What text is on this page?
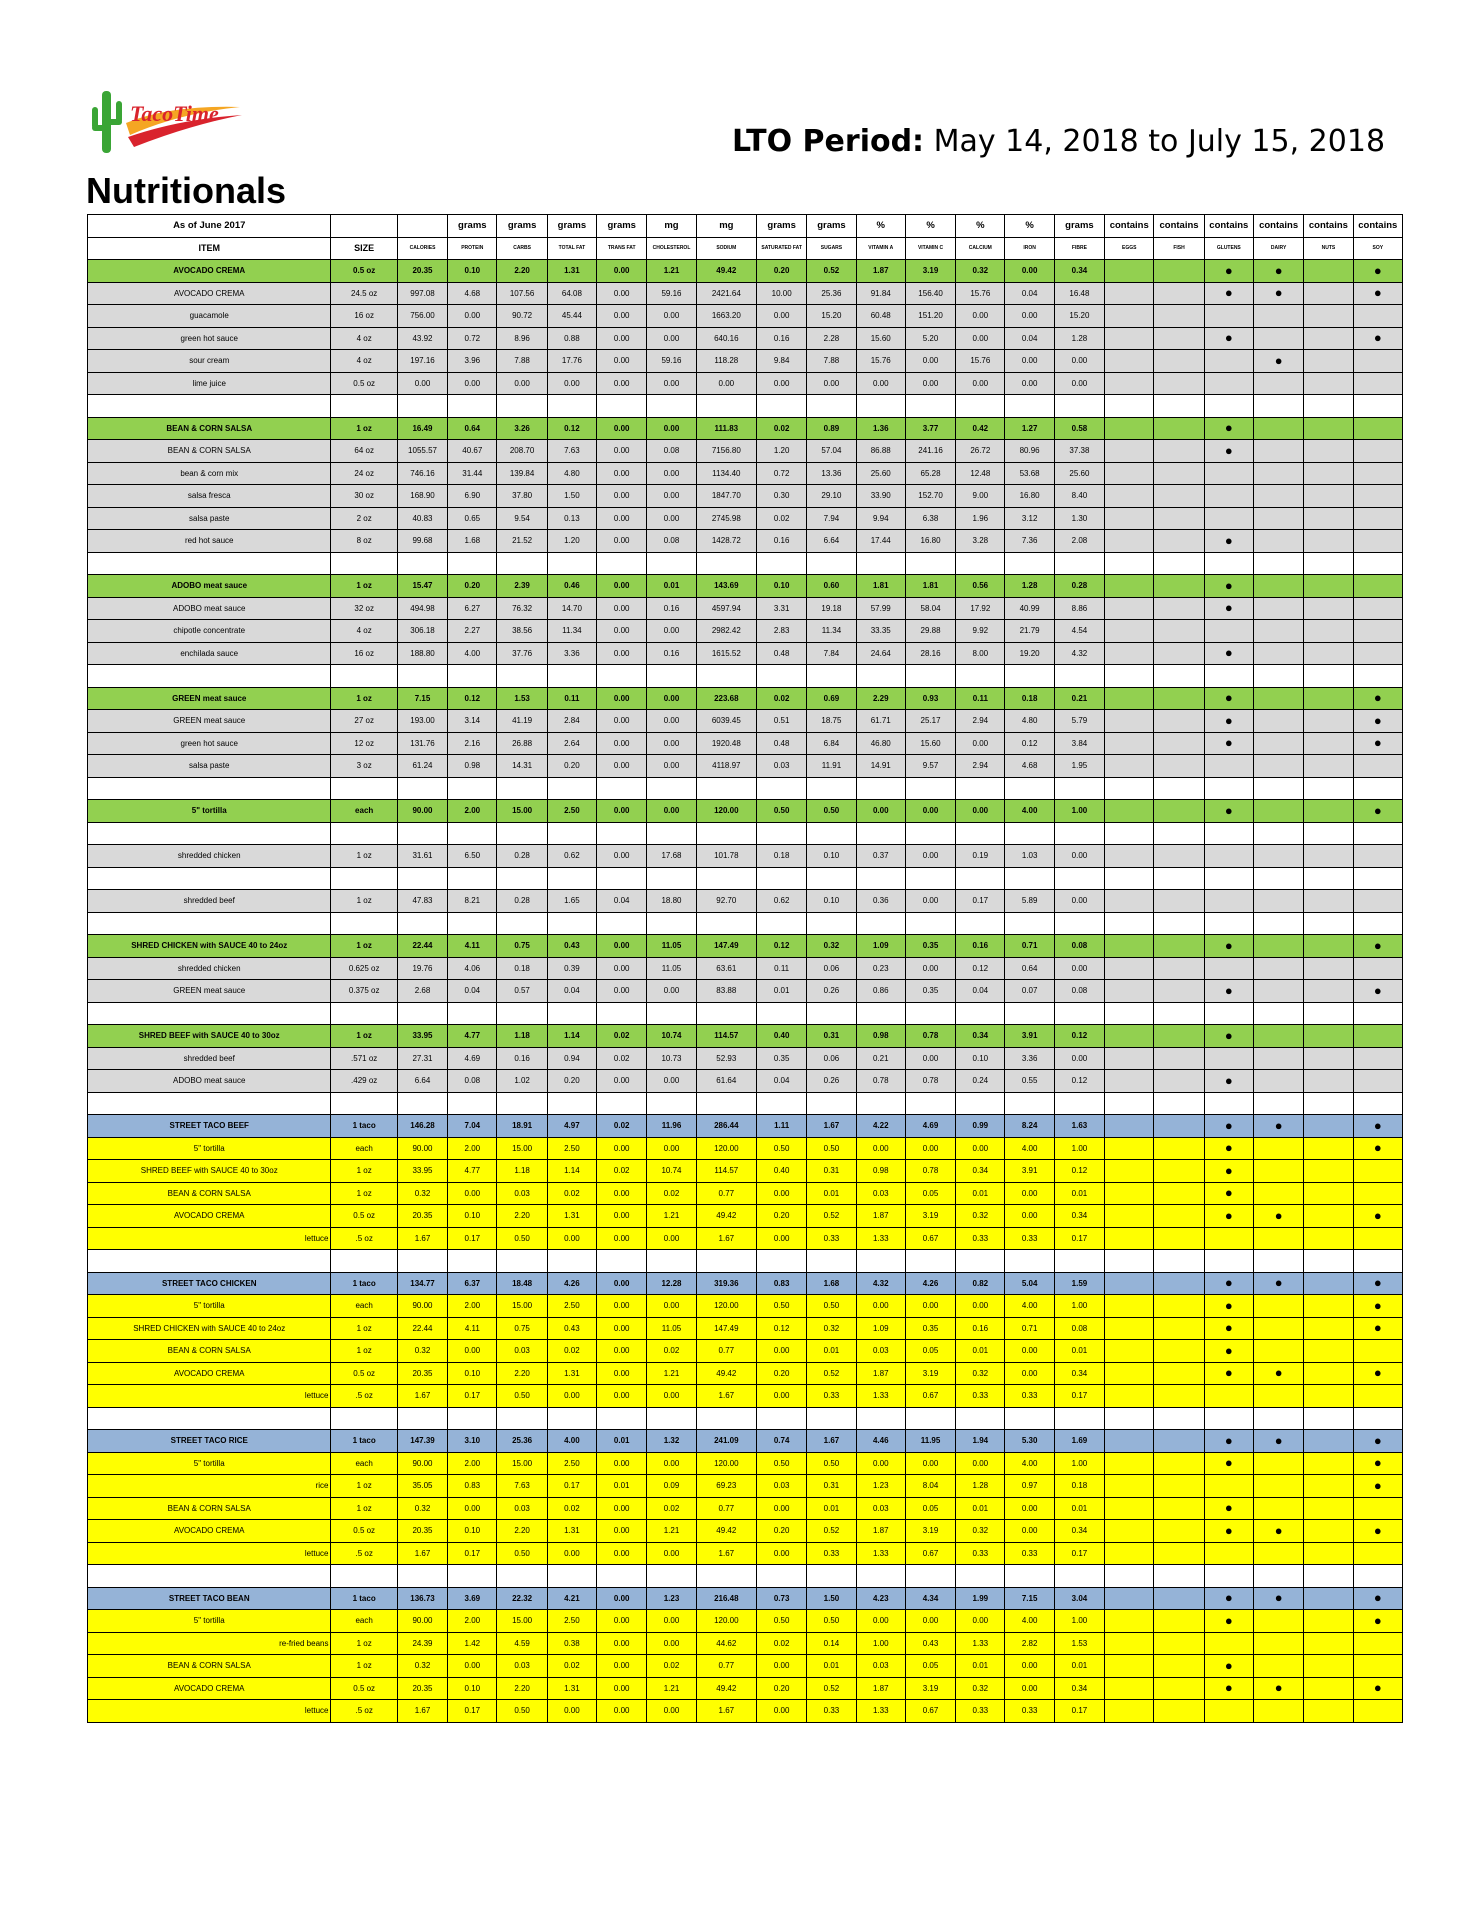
TacoTime
LTO Period: May 14, 2018 to July 15, 2018
Nutritionals
As of June 2017			grams	grams	grams	grams	mg	mg	grams	grams	%	%	%	%	grams	contains	contains	contains	contains	contains	contains
ITEM	SIZE	CALORIES	PROTEIN	CARBS	TOTAL FAT	TRANS FAT	CHOLESTEROL	SODIUM	SATURATED FAT	SUGARS	VITAMIN A	VITAMIN C	CALCIUM	IRON	FIBRE	EGGS	FISH	GLUTENS	DAIRY	NUTS	SOY
AVOCADO CREMA	0.5 oz	20.35	0.10	2.20	1.31	0.00	1.21	49.42	0.20	0.52	1.87	3.19	0.32	0.00	0.34			●	●		●
AVOCADO CREMA	24.5 oz	997.08	4.68	107.56	64.08	0.00	59.16	2421.64	10.00	25.36	91.84	156.40	15.76	0.04	16.48			●	●		●
guacamole	16 oz	756.00	0.00	90.72	45.44	0.00	0.00	1663.20	0.00	15.20	60.48	151.20	0.00	0.00	15.20						
green hot sauce	4 oz	43.92	0.72	8.96	0.88	0.00	0.00	640.16	0.16	2.28	15.60	5.20	0.00	0.04	1.28			●			●
sour cream	4 oz	197.16	3.96	7.88	17.76	0.00	59.16	118.28	9.84	7.88	15.76	0.00	15.76	0.00	0.00				●		
lime juice	0.5 oz	0.00	0.00	0.00	0.00	0.00	0.00	0.00	0.00	0.00	0.00	0.00	0.00	0.00	0.00						

BEAN & CORN SALSA	1 oz	16.49	0.64	3.26	0.12	0.00	0.00	111.83	0.02	0.89	1.36	3.77	0.42	1.27	0.58			●			
BEAN & CORN SALSA	64 oz	1055.57	40.67	208.70	7.63	0.00	0.08	7156.80	1.20	57.04	86.88	241.16	26.72	80.96	37.38			●			
bean & corn mix	24 oz	746.16	31.44	139.84	4.80	0.00	0.00	1134.40	0.72	13.36	25.60	65.28	12.48	53.68	25.60						
salsa fresca	30 oz	168.90	6.90	37.80	1.50	0.00	0.00	1847.70	0.30	29.10	33.90	152.70	9.00	16.80	8.40						
salsa paste	2 oz	40.83	0.65	9.54	0.13	0.00	0.00	2745.98	0.02	7.94	9.94	6.38	1.96	3.12	1.30						
red hot sauce	8 oz	99.68	1.68	21.52	1.20	0.00	0.08	1428.72	0.16	6.64	17.44	16.80	3.28	7.36	2.08			●			

ADOBO meat sauce	1 oz	15.47	0.20	2.39	0.46	0.00	0.01	143.69	0.10	0.60	1.81	1.81	0.56	1.28	0.28			●			
ADOBO meat sauce	32 oz	494.98	6.27	76.32	14.70	0.00	0.16	4597.94	3.31	19.18	57.99	58.04	17.92	40.99	8.86			●			
chipotle concentrate	4 oz	306.18	2.27	38.56	11.34	0.00	0.00	2982.42	2.83	11.34	33.35	29.88	9.92	21.79	4.54						
enchilada sauce	16 oz	188.80	4.00	37.76	3.36	0.00	0.16	1615.52	0.48	7.84	24.64	28.16	8.00	19.20	4.32			●			

GREEN meat sauce	1 oz	7.15	0.12	1.53	0.11	0.00	0.00	223.68	0.02	0.69	2.29	0.93	0.11	0.18	0.21			●			●
GREEN meat sauce	27 oz	193.00	3.14	41.19	2.84	0.00	0.00	6039.45	0.51	18.75	61.71	25.17	2.94	4.80	5.79			●			●
green hot sauce	12 oz	131.76	2.16	26.88	2.64	0.00	0.00	1920.48	0.48	6.84	46.80	15.60	0.00	0.12	3.84			●			●
salsa paste	3 oz	61.24	0.98	14.31	0.20	0.00	0.00	4118.97	0.03	11.91	14.91	9.57	2.94	4.68	1.95						

5" tortilla	each	90.00	2.00	15.00	2.50	0.00	0.00	120.00	0.50	0.50	0.00	0.00	0.00	4.00	1.00			●			●

shredded chicken	1 oz	31.61	6.50	0.28	0.62	0.00	17.68	101.78	0.18	0.10	0.37	0.00	0.19	1.03	0.00						

shredded beef	1 oz	47.83	8.21	0.28	1.65	0.04	18.80	92.70	0.62	0.10	0.36	0.00	0.17	5.89	0.00						

SHRED CHICKEN with SAUCE 40 to 24oz	1 oz	22.44	4.11	0.75	0.43	0.00	11.05	147.49	0.12	0.32	1.09	0.35	0.16	0.71	0.08			●			●
shredded chicken	0.625 oz	19.76	4.06	0.18	0.39	0.00	11.05	63.61	0.11	0.06	0.23	0.00	0.12	0.64	0.00						
GREEN meat sauce	0.375 oz	2.68	0.04	0.57	0.04	0.00	0.00	83.88	0.01	0.26	0.86	0.35	0.04	0.07	0.08			●			●

SHRED BEEF with SAUCE 40 to 30oz	1 oz	33.95	4.77	1.18	1.14	0.02	10.74	114.57	0.40	0.31	0.98	0.78	0.34	3.91	0.12			●			
shredded beef	.571 oz	27.31	4.69	0.16	0.94	0.02	10.73	52.93	0.35	0.06	0.21	0.00	0.10	3.36	0.00						
ADOBO meat sauce	.429 oz	6.64	0.08	1.02	0.20	0.00	0.00	61.64	0.04	0.26	0.78	0.78	0.24	0.55	0.12			●			

STREET TACO BEEF	1 taco	146.28	7.04	18.91	4.97	0.02	11.96	286.44	1.11	1.67	4.22	4.69	0.99	8.24	1.63			●	●		●
5" tortilla	each	90.00	2.00	15.00	2.50	0.00	0.00	120.00	0.50	0.50	0.00	0.00	0.00	4.00	1.00			●			●
SHRED BEEF with SAUCE 40 to 30oz	1 oz	33.95	4.77	1.18	1.14	0.02	10.74	114.57	0.40	0.31	0.98	0.78	0.34	3.91	0.12			●			
BEAN & CORN SALSA	1 oz	0.32	0.00	0.03	0.02	0.00	0.02	0.77	0.00	0.01	0.03	0.05	0.01	0.00	0.01			●			
AVOCADO CREMA	0.5 oz	20.35	0.10	2.20	1.31	0.00	1.21	49.42	0.20	0.52	1.87	3.19	0.32	0.00	0.34			●	●		●
lettuce	.5 oz	1.67	0.17	0.50	0.00	0.00	0.00	1.67	0.00	0.33	1.33	0.67	0.33	0.33	0.17						

STREET TACO CHICKEN	1 taco	134.77	6.37	18.48	4.26	0.00	12.28	319.36	0.83	1.68	4.32	4.26	0.82	5.04	1.59			●	●		●
5" tortilla	each	90.00	2.00	15.00	2.50	0.00	0.00	120.00	0.50	0.50	0.00	0.00	0.00	4.00	1.00			●			●
SHRED CHICKEN with SAUCE 40 to 24oz	1 oz	22.44	4.11	0.75	0.43	0.00	11.05	147.49	0.12	0.32	1.09	0.35	0.16	0.71	0.08			●			●
BEAN & CORN SALSA	1 oz	0.32	0.00	0.03	0.02	0.00	0.02	0.77	0.00	0.01	0.03	0.05	0.01	0.00	0.01			●			
AVOCADO CREMA	0.5 oz	20.35	0.10	2.20	1.31	0.00	1.21	49.42	0.20	0.52	1.87	3.19	0.32	0.00	0.34			●	●		●
lettuce	.5 oz	1.67	0.17	0.50	0.00	0.00	0.00	1.67	0.00	0.33	1.33	0.67	0.33	0.33	0.17						

STREET TACO RICE	1 taco	147.39	3.10	25.36	4.00	0.01	1.32	241.09	0.74	1.67	4.46	11.95	1.94	5.30	1.69			●	●		●
5" tortilla	each	90.00	2.00	15.00	2.50	0.00	0.00	120.00	0.50	0.50	0.00	0.00	0.00	4.00	1.00			●			●
rice	1 oz	35.05	0.83	7.63	0.17	0.01	0.09	69.23	0.03	0.31	1.23	8.04	1.28	0.97	0.18						●
BEAN & CORN SALSA	1 oz	0.32	0.00	0.03	0.02	0.00	0.02	0.77	0.00	0.01	0.03	0.05	0.01	0.00	0.01			●			
AVOCADO CREMA	0.5 oz	20.35	0.10	2.20	1.31	0.00	1.21	49.42	0.20	0.52	1.87	3.19	0.32	0.00	0.34			●	●		●
lettuce	.5 oz	1.67	0.17	0.50	0.00	0.00	0.00	1.67	0.00	0.33	1.33	0.67	0.33	0.33	0.17						

STREET TACO BEAN	1 taco	136.73	3.69	22.32	4.21	0.00	1.23	216.48	0.73	1.50	4.23	4.34	1.99	7.15	3.04			●	●		●
5" tortilla	each	90.00	2.00	15.00	2.50	0.00	0.00	120.00	0.50	0.50	0.00	0.00	0.00	4.00	1.00			●			●
re-fried beans	1 oz	24.39	1.42	4.59	0.38	0.00	0.00	44.62	0.02	0.14	1.00	0.43	1.33	2.82	1.53						
BEAN & CORN SALSA	1 oz	0.32	0.00	0.03	0.02	0.00	0.02	0.77	0.00	0.01	0.03	0.05	0.01	0.00	0.01			●			
AVOCADO CREMA	0.5 oz	20.35	0.10	2.20	1.31	0.00	1.21	49.42	0.20	0.52	1.87	3.19	0.32	0.00	0.34			●	●		●
lettuce	.5 oz	1.67	0.17	0.50	0.00	0.00	0.00	1.67	0.00	0.33	1.33	0.67	0.33	0.33	0.17						
